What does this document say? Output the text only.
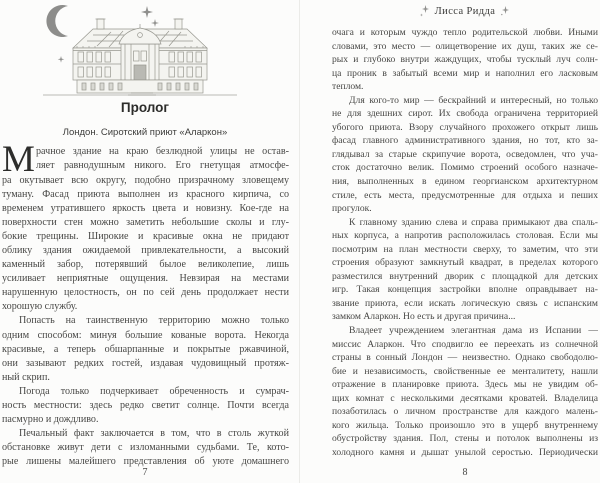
Пролог
Лондон. Сиротский приют «Аларкон»
М рачное здание на краю безлюдной улицы не остав-
ляет равнодушным никого. Его гнетущая атмосфе-
ра окутывает всю округу, подобно призрачному зловещему
туману. Фасад приюта выполнен из красного кирпича, со
временем утратившего яркость цвета и новизну. Кое-где на
поверхности стен можно заметить небольшие сколы и глу-
бокие трещины. Широкие и красивые окна не придают
облику здания ожидаемой привлекательности, а высокий
каменный забор, потерявший былое великолепие, лишь
усиливает неприятные ощущения. Невзирая на местами
нарушенную целостность, он по сей день продолжает нести
хорошую службу.
Попасть на таинственную территорию можно только
одним способом: минуя большие кованые ворота. Некогда
красивые, а теперь обшарпанные и покрытые ржавчиной,
они зазывают редких гостей, издавая чудовищный протяж-
ный скрип.
Погода только подчеркивает обреченность и сумрач-
ность местности: здесь редко светит солнце. Почти всегда
пасмурно и дождливо.
Печальный факт заключается в том, что в столь жуткой
обстановке живут дети с изломанными судьбами. Те, кото-
рые лишены малейшего представления об уюте домашнего
7
Лисса Ридда
очага и которым чуждо тепло родительской любви. Иными
словами, это место — олицетворение их душ, таких же се-
рых и глубоко внутри жаждущих, чтобы тусклый луч солн-
ца проник в забытый всеми мир и наполнил его ласковым
теплом.
Для кого-то мир — бескрайний и интересный, но только
не для здешних сирот. Их свобода ограничена территорией
убогого приюта. Взору случайного прохожего открыт лишь
фасад главного административного здания, но тот, кто за-
глядывал за старые скрипучие ворота, осведомлен, что уча-
сток достаточно велик. Помимо строений особого назначе-
ния, выполненных в едином георгианском архитектурном
стиле, есть места, предусмотренные для отдыха и пеших
прогулок.
К главному зданию слева и справа примыкают два спаль-
ных корпуса, а напротив расположилась столовая. Если мы
посмотрим на план местности сверху, то заметим, что эти
строения образуют замкнутый квадрат, в пределах которого
разместился внутренний дворик с площадкой для детских
игр. Такая концепция застройки вполне оправдывает на-
звание приюта, если искать логическую связь с испанским
замком Аларкон. Но есть и другая причина...
Владеет учреждением элегантная дама из Испании —
миссис Аларкон. Что сподвигло ее переехать из солнечной
страны в сонный Лондон — неизвестно. Однако свободолю-
бие и независимость, свойственные ее менталитету, нашли
отражение в планировке приюта. Здесь мы не увидим об-
щих комнат с несколькими десятками кроватей. Владелица
позаботилась о личном пространстве для каждого малень-
кого жильца. Только произошло это в ущерб внутреннему
обустройству здания. Пол, стены и потолок выполнены из
холодного камня и дышат унылой серостью. Периодически
8
